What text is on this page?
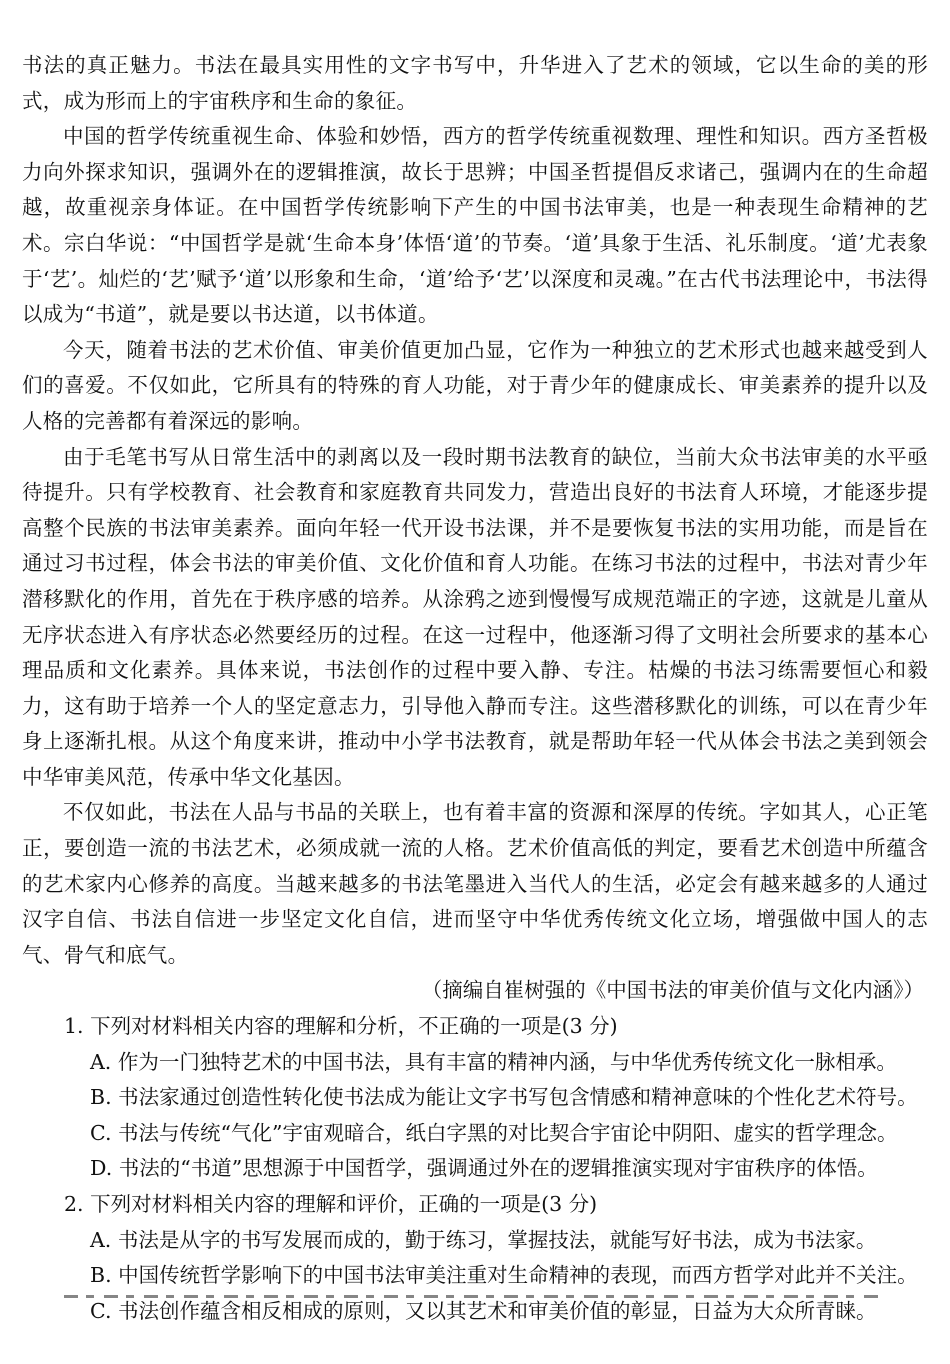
书法的真正魅力。书法在最具实用性的文字书写中，升华进入了艺术的领域，它以生命的美的形式，成为形而上的宇宙秩序和生命的象征。

中国的哲学传统重视生命、体验和妙悟，西方的哲学传统重视数理、理性和知识。西方圣哲极力向外探求知识，强调外在的逻辑推演，故长于思辨；中国圣哲提倡反求诸己，强调内在的生命超越，故重视亲身体证。在中国哲学传统影响下产生的中国书法审美，也是一种表现生命精神的艺术。宗白华说：“中国哲学是就‘生命本身’体悟‘道’的节奏。‘道’具象于生活、礼乐制度。‘道’尤表象于‘艺’。灿烂的‘艺’赋予‘道’以形象和生命，‘道’给予‘艺’以深度和灵魂。”在古代书法理论中，书法得以成为“书道”，就是要以书达道，以书体道。

今天，随着书法的艺术价值、审美价值更加凸显，它作为一种独立的艺术形式也越来越受到人们的喜爱。不仅如此，它所具有的特殊的育人功能，对于青少年的健康成长、审美素养的提升以及人格的完善都有着深远的影响。

由于毛笔书写从日常生活中的剥离以及一段时期书法教育的缺位，当前大众书法审美的水平亟待提升。只有学校教育、社会教育和家庭教育共同发力，营造出良好的书法育人环境，才能逐步提高整个民族的书法审美素养。面向年轻一代开设书法课，并不是要恢复书法的实用功能，而是旨在通过习书过程，体会书法的审美价值、文化价值和育人功能。在练习书法的过程中，书法对青少年潜移默化的作用，首先在于秩序感的培养。从涂鸦之迹到慢慢写成规范端正的字迹，这就是儿童从无序状态进入有序状态必然要经历的过程。在这一过程中，他逐渐习得了文明社会所要求的基本心理品质和文化素养。具体来说，书法创作的过程中要入静、专注。枯燥的书法习练需要恒心和毅力，这有助于培养一个人的坚定意志力，引导他入静而专注。这些潜移默化的训练，可以在青少年身上逐渐扎根。从这个角度来讲，推动中小学书法教育，就是帮助年轻一代从体会书法之美到领会中华审美风范，传承中华文化基因。

不仅如此，书法在人品与书品的关联上，也有着丰富的资源和深厚的传统。字如其人，心正笔正，要创造一流的书法艺术，必须成就一流的人格。艺术价值高低的判定，要看艺术创造中所蕴含的艺术家内心修养的高度。当越来越多的书法笔墨进入当代人的生活，必定会有越来越多的人通过汉字自信、书法自信进一步坚定文化自信，进而坚守中华优秀传统文化立场，增强做中国人的志气、骨气和底气。

（摘编自崔树强的《中国书法的审美价值与文化内涵》）

1. 下列对材料相关内容的理解和分析，不正确的一项是(3 分)

A. 作为一门独特艺术的中国书法，具有丰富的精神内涵，与中华优秀传统文化一脉相承。

B. 书法家通过创造性转化使书法成为能让文字书写包含情感和精神意味的个性化艺术符号。

C. 书法与传统“气化”宇宙观暗合，纸白字黑的对比契合宇宙论中阴阳、虚实的哲学理念。

D. 书法的“书道”思想源于中国哲学，强调通过外在的逻辑推演实现对宇宙秩序的体悟。

2. 下列对材料相关内容的理解和评价，正确的一项是(3 分)

A. 书法是从字的书写发展而成的，勤于练习，掌握技法，就能写好书法，成为书法家。

B. 中国传统哲学影响下的中国书法审美注重对生命精神的表现，而西方哲学对此并不关注。

C. 书法创作蕴含相反相成的原则，又以其艺术和审美价值的彰显，日益为大众所青睐。
